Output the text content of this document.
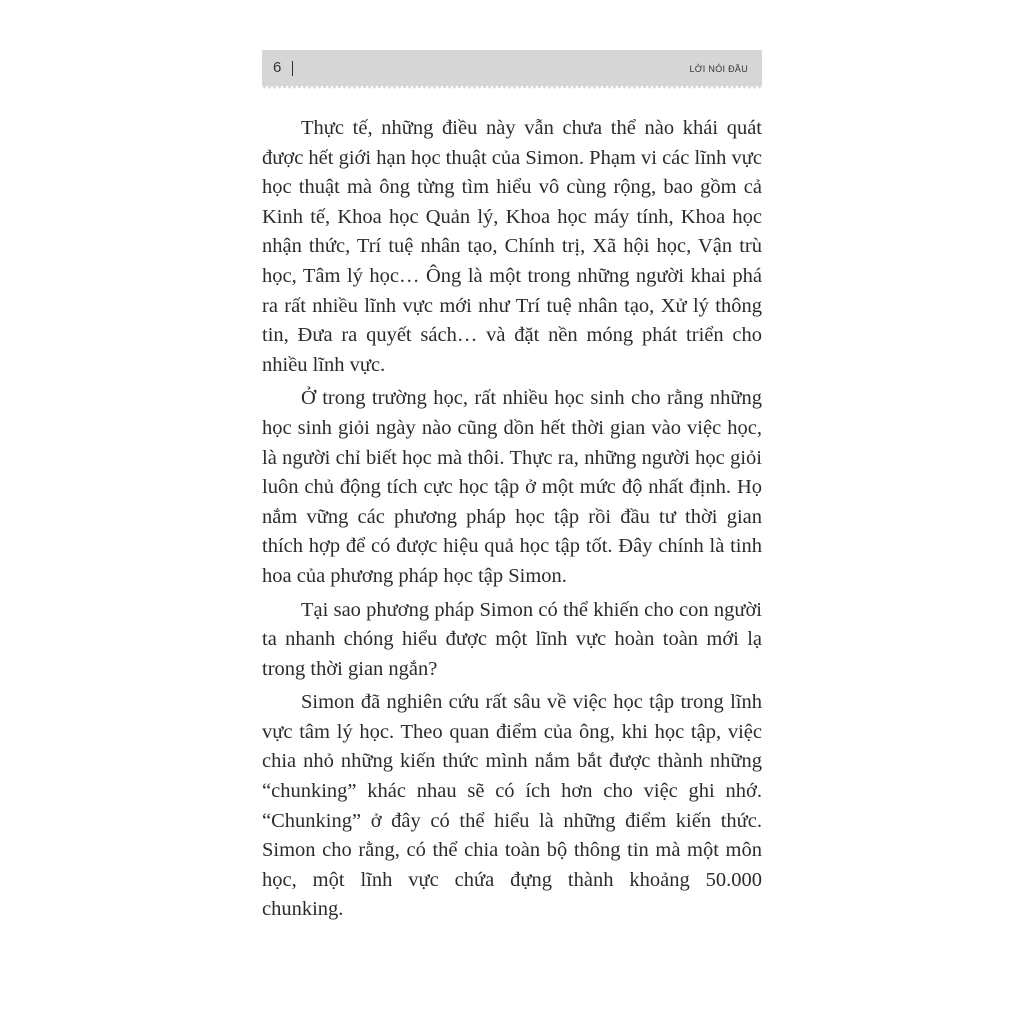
6	LỜI NÓI ĐẦU

Thực tế, những điều này vẫn chưa thể nào khái quát được hết giới hạn học thuật của Simon. Phạm vi các lĩnh vực học thuật mà ông từng tìm hiểu vô cùng rộng, bao gồm cả Kinh tế, Khoa học Quản lý, Khoa học máy tính, Khoa học nhận thức, Trí tuệ nhân tạo, Chính trị, Xã hội học, Vận trù học, Tâm lý học… Ông là một trong những người khai phá ra rất nhiều lĩnh vực mới như Trí tuệ nhân tạo, Xử lý thông tin, Đưa ra quyết sách… và đặt nền móng phát triển cho nhiều lĩnh vực.

Ở trong trường học, rất nhiều học sinh cho rằng những học sinh giỏi ngày nào cũng dồn hết thời gian vào việc học, là người chỉ biết học mà thôi. Thực ra, những người học giỏi luôn chủ động tích cực học tập ở một mức độ nhất định. Họ nắm vững các phương pháp học tập rồi đầu tư thời gian thích hợp để có được hiệu quả học tập tốt. Đây chính là tinh hoa của phương pháp học tập Simon.

Tại sao phương pháp Simon có thể khiến cho con người ta nhanh chóng hiểu được một lĩnh vực hoàn toàn mới lạ trong thời gian ngắn?

Simon đã nghiên cứu rất sâu về việc học tập trong lĩnh vực tâm lý học. Theo quan điểm của ông, khi học tập, việc chia nhỏ những kiến thức mình nắm bắt được thành những “chunking” khác nhau sẽ có ích hơn cho việc ghi nhớ. “Chunking” ở đây có thể hiểu là những điểm kiến thức. Simon cho rằng, có thể chia toàn bộ thông tin mà một môn học, một lĩnh vực chứa đựng thành khoảng 50.000 chunking.
